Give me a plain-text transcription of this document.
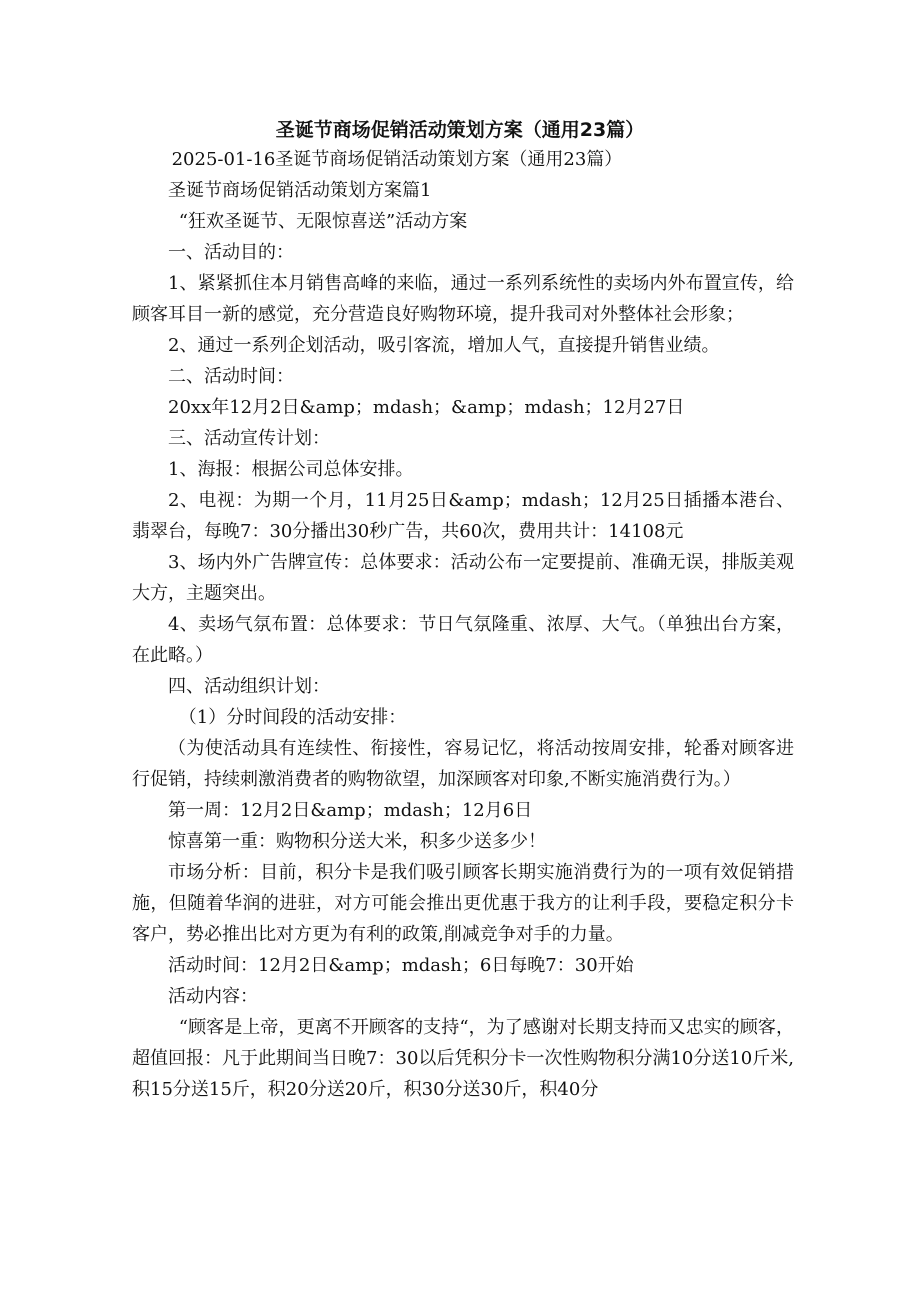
圣诞节商场促销活动策划方案（通用23篇）

2025-01-16圣诞节商场促销活动策划方案（通用23篇）

圣诞节商场促销活动策划方案篇1

“狂欢圣诞节、无限惊喜送”活动方案

一、活动目的：

1、紧紧抓住本月销售高峰的来临，通过一系列系统性的卖场内外布置宣传，给顾客耳目一新的感觉，充分营造良好购物环境，提升我司对外整体社会形象；

2、通过一系列企划活动，吸引客流，增加人气，直接提升销售业绩。

二、活动时间：

20xx年12月2日&amp；mdash；&amp；mdash；12月27日

三、活动宣传计划：

1、海报：根据公司总体安排。

2、电视：为期一个月，11月25日&amp；mdash；12月25日插播本港台、翡翠台，每晚7：30分播出30秒广告，共60次，费用共计：14108元

3、场内外广告牌宣传：总体要求：活动公布一定要提前、准确无误，排版美观大方，主题突出。

4、卖场气氛布置：总体要求：节日气氛隆重、浓厚、大气。（单独出台方案，在此略。）

四、活动组织计划：

（1）分时间段的活动安排：

（为使活动具有连续性、衔接性，容易记忆，将活动按周安排，轮番对顾客进行促销，持续刺激消费者的购物欲望，加深顾客对印象,不断实施消费行为。）

第一周：12月2日&amp；mdash；12月6日

惊喜第一重：购物积分送大米，积多少送多少！

市场分析：目前，积分卡是我们吸引顾客长期实施消费行为的一项有效促销措施，但随着华润的进驻，对方可能会推出更优惠于我方的让利手段，要稳定积分卡客户，势必推出比对方更为有利的政策,削减竞争对手的力量。

活动时间：12月2日&amp；mdash；6日每晚7：30开始

活动内容：

“顾客是上帝，更离不开顾客的支持“，为了感谢对长期支持而又忠实的顾客，超值回报：凡于此期间当日晚7：30以后凭积分卡一次性购物积分满10分送10斤米,积15分送15斤，积20分送20斤，积30分送30斤，积40分
